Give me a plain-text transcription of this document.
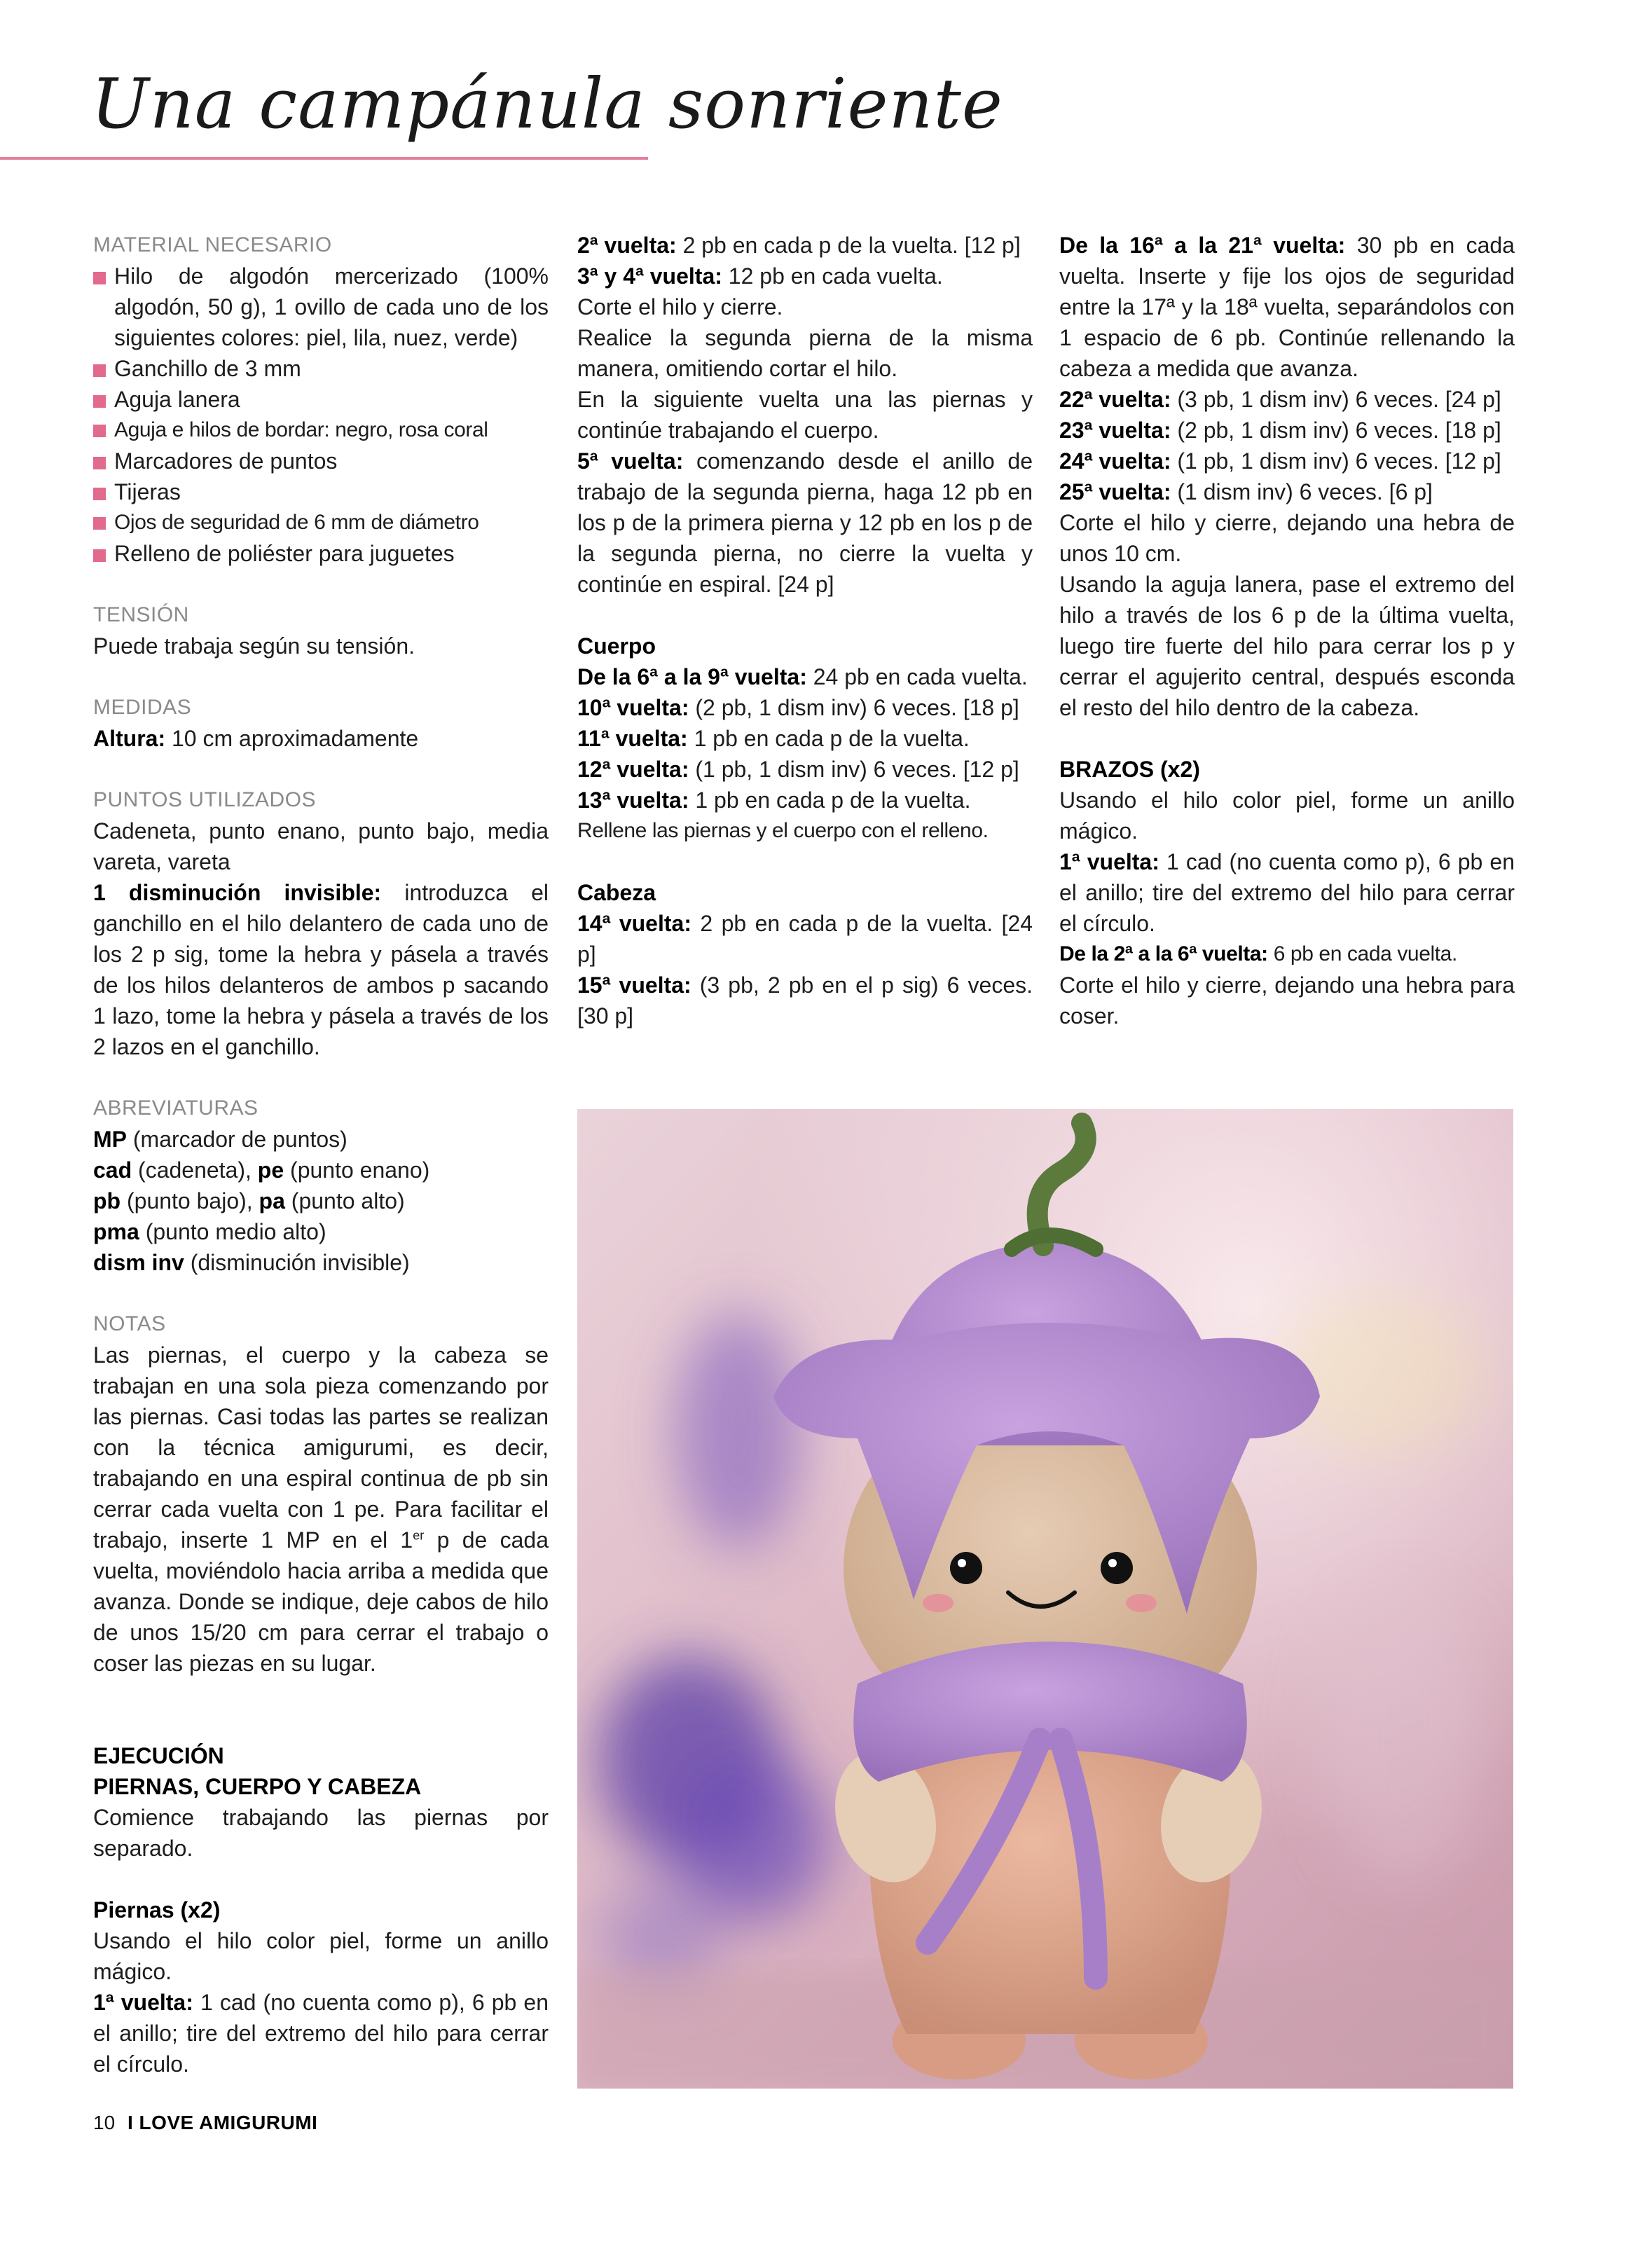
Una campánula sonriente
MATERIAL NECESARIO

Hilo de algodón mercerizado (100% algodón, 50 g), 1 ovillo de cada uno de los siguientes colores: piel, lila, nuez, verde)

Ganchillo de 3 mm

Aguja lanera

Aguja e hilos de bordar: negro, rosa coral

Marcadores de puntos

Tijeras

Ojos de seguridad de 6 mm de diámetro

Relleno de poliéster para juguetes

TENSIÓN

Puede trabaja según su tensión.

MEDIDAS

Altura: 10 cm aproximadamente

PUNTOS UTILIZADOS

Cadeneta, punto enano, punto bajo, media vareta, vareta

1 disminución invisible: introduzca el ganchillo en el hilo delantero de cada uno de los 2 p sig, tome la hebra y pásela a través de los hilos delanteros de ambos p sacando 1 lazo, tome la hebra y pásela a través de los 2 lazos en el ganchillo.

ABREVIATURAS

MP (marcador de puntos)

cad (cadeneta), pe (punto enano)

pb (punto bajo), pa (punto alto)

pma (punto medio alto)

dism inv (disminución invisible)

NOTAS

Las piernas, el cuerpo y la cabeza se trabajan en una sola pieza comenzando por las piernas. Casi todas las partes se realizan con la técnica amigurumi, es decir, trabajando en una espiral continua de pb sin cerrar cada vuelta con 1 pe. Para facilitar el trabajo, inserte 1 MP en el 1er p de cada vuelta, moviéndolo hacia arriba a medida que avanza. Donde se indique, deje cabos de hilo de unos 15/20 cm para cerrar el trabajo o coser las piezas en su lugar.

EJECUCIÓN

PIERNAS, CUERPO Y CABEZA

Comience trabajando las piernas por separado.

Piernas (x2)

Usando el hilo color piel, forme un anillo mágico.

1ª vuelta: 1 cad (no cuenta como p), 6 pb en el anillo; tire del extremo del hilo para cerrar el círculo.

2ª vuelta: 2 pb en cada p de la vuelta. [12 p]

3ª y 4ª vuelta: 12 pb en cada vuelta.

Corte el hilo y cierre.

Realice la segunda pierna de la misma manera, omitiendo cortar el hilo.

En la siguiente vuelta una las piernas y continúe trabajando el cuerpo.

5ª vuelta: comenzando desde el anillo de trabajo de la segunda pierna, haga 12 pb en los p de la primera pierna y 12 pb en los p de la segunda pierna, no cierre la vuelta y continúe en espiral. [24 p]

Cuerpo

De la 6ª a la 9ª vuelta: 24 pb en cada vuelta.

10ª vuelta: (2 pb, 1 dism inv) 6 veces. [18 p]

11ª vuelta: 1 pb en cada p de la vuelta.

12ª vuelta: (1 pb, 1 dism inv) 6 veces. [12 p]

13ª vuelta: 1 pb en cada p de la vuelta.

Rellene las piernas y el cuerpo con el relleno.

Cabeza

14ª vuelta: 2 pb en cada p de la vuelta. [24 p]

15ª vuelta: (3 pb, 2 pb en el p sig) 6 veces. [30 p]

De la 16ª a la 21ª vuelta: 30 pb en cada vuelta. Inserte y fije los ojos de seguridad entre la 17ª y la 18ª vuelta, separándolos con 1 espacio de 6 pb. Continúe rellenando la cabeza a medida que avanza.

22ª vuelta: (3 pb, 1 dism inv) 6 veces. [24 p]

23ª vuelta: (2 pb, 1 dism inv) 6 veces. [18 p]

24ª vuelta: (1 pb, 1 dism inv) 6 veces. [12 p]

25ª vuelta: (1 dism inv) 6 veces. [6 p]

Corte el hilo y cierre, dejando una hebra de unos 10 cm.

Usando la aguja lanera, pase el extremo del hilo a través de los 6 p de la última vuelta, luego tire fuerte del hilo para cerrar los p y cerrar el agujerito central, después esconda el resto del hilo dentro de la cabeza.

BRAZOS (x2)

Usando el hilo color piel, forme un anillo mágico.

1ª vuelta: 1 cad (no cuenta como p), 6 pb en el anillo; tire del extremo del hilo para cerrar el círculo.

De la 2ª a la 6ª vuelta: 6 pb en cada vuelta.

Corte el hilo y cierre, dejando una hebra para coser.

10 I LOVE AMIGURUMI
